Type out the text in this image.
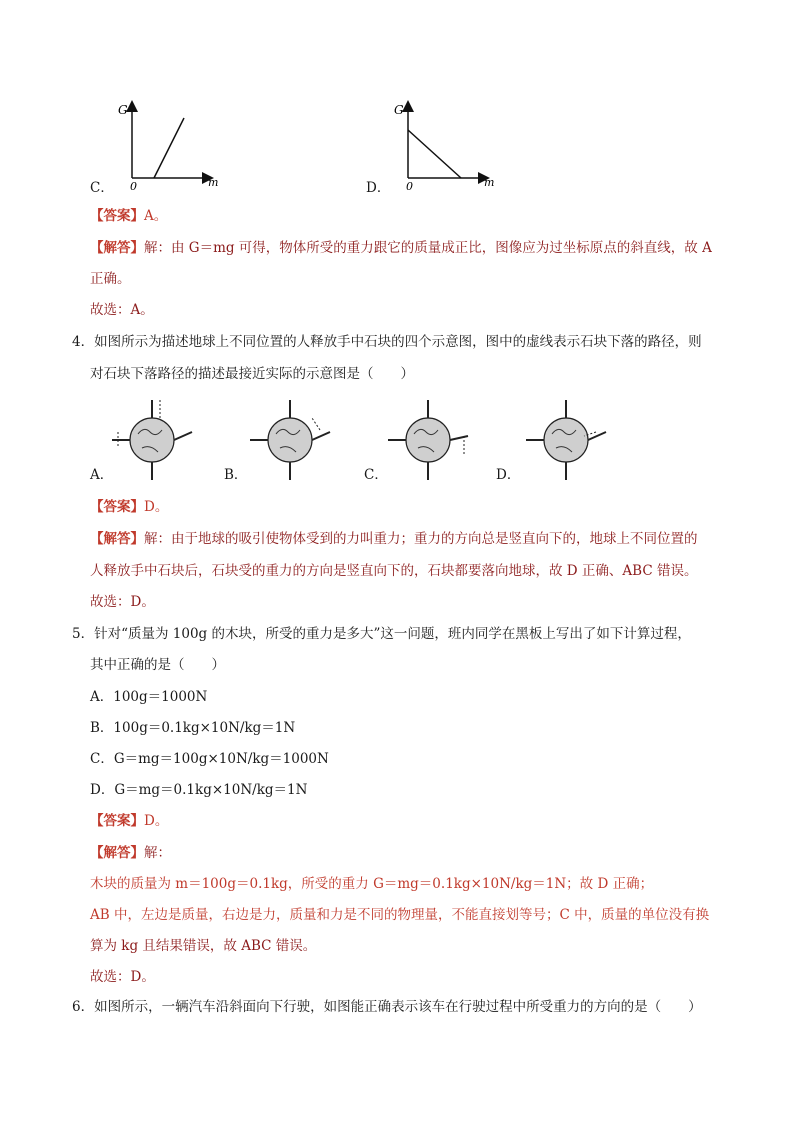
C．
G
m
0	D．
G
m
0
【答案】A。
【解答】解：由 G＝mg 可得，物体所受的重力跟它的质量成正比，图像应为过坐标原点的斜直线，故 A
正确。
故选：A。
4．如图所示为描述地球上不同位置的人释放手中石块的四个示意图，图中的虚线表示石块下落的路径，则
对石块下落路径的描述最接近实际的示意图是（　　）
A．	B．	C．	D．
【答案】D。
【解答】解：由于地球的吸引使物体受到的力叫重力；重力的方向总是竖直向下的，地球上不同位置的
人释放手中石块后，石块受的重力的方向是竖直向下的，石块都要落向地球，故 D 正确、ABC 错误。
故选：D。
5．针对“质量为 100g 的木块，所受的重力是多大”这一问题，班内同学在黑板上写出了如下计算过程，
其中正确的是（　　）
A．100g＝1000N
B．100g＝0.1kg×10N/kg＝1N
C．G＝mg＝100g×10N/kg＝1000N
D．G＝mg＝0.1kg×10N/kg＝1N
【答案】D。
【解答】解：
木块的质量为 m＝100g＝0.1kg，所受的重力 G＝mg＝0.1kg×10N/kg＝1N；故 D 正确；
AB 中，左边是质量，右边是力，质量和力是不同的物理量，不能直接划等号；C 中，质量的单位没有换
算为 kg 且结果错误，故 ABC 错误。
故选：D。
6．如图所示，一辆汽车沿斜面向下行驶，如图能正确表示该车在行驶过程中所受重力的方向的是（　　）
